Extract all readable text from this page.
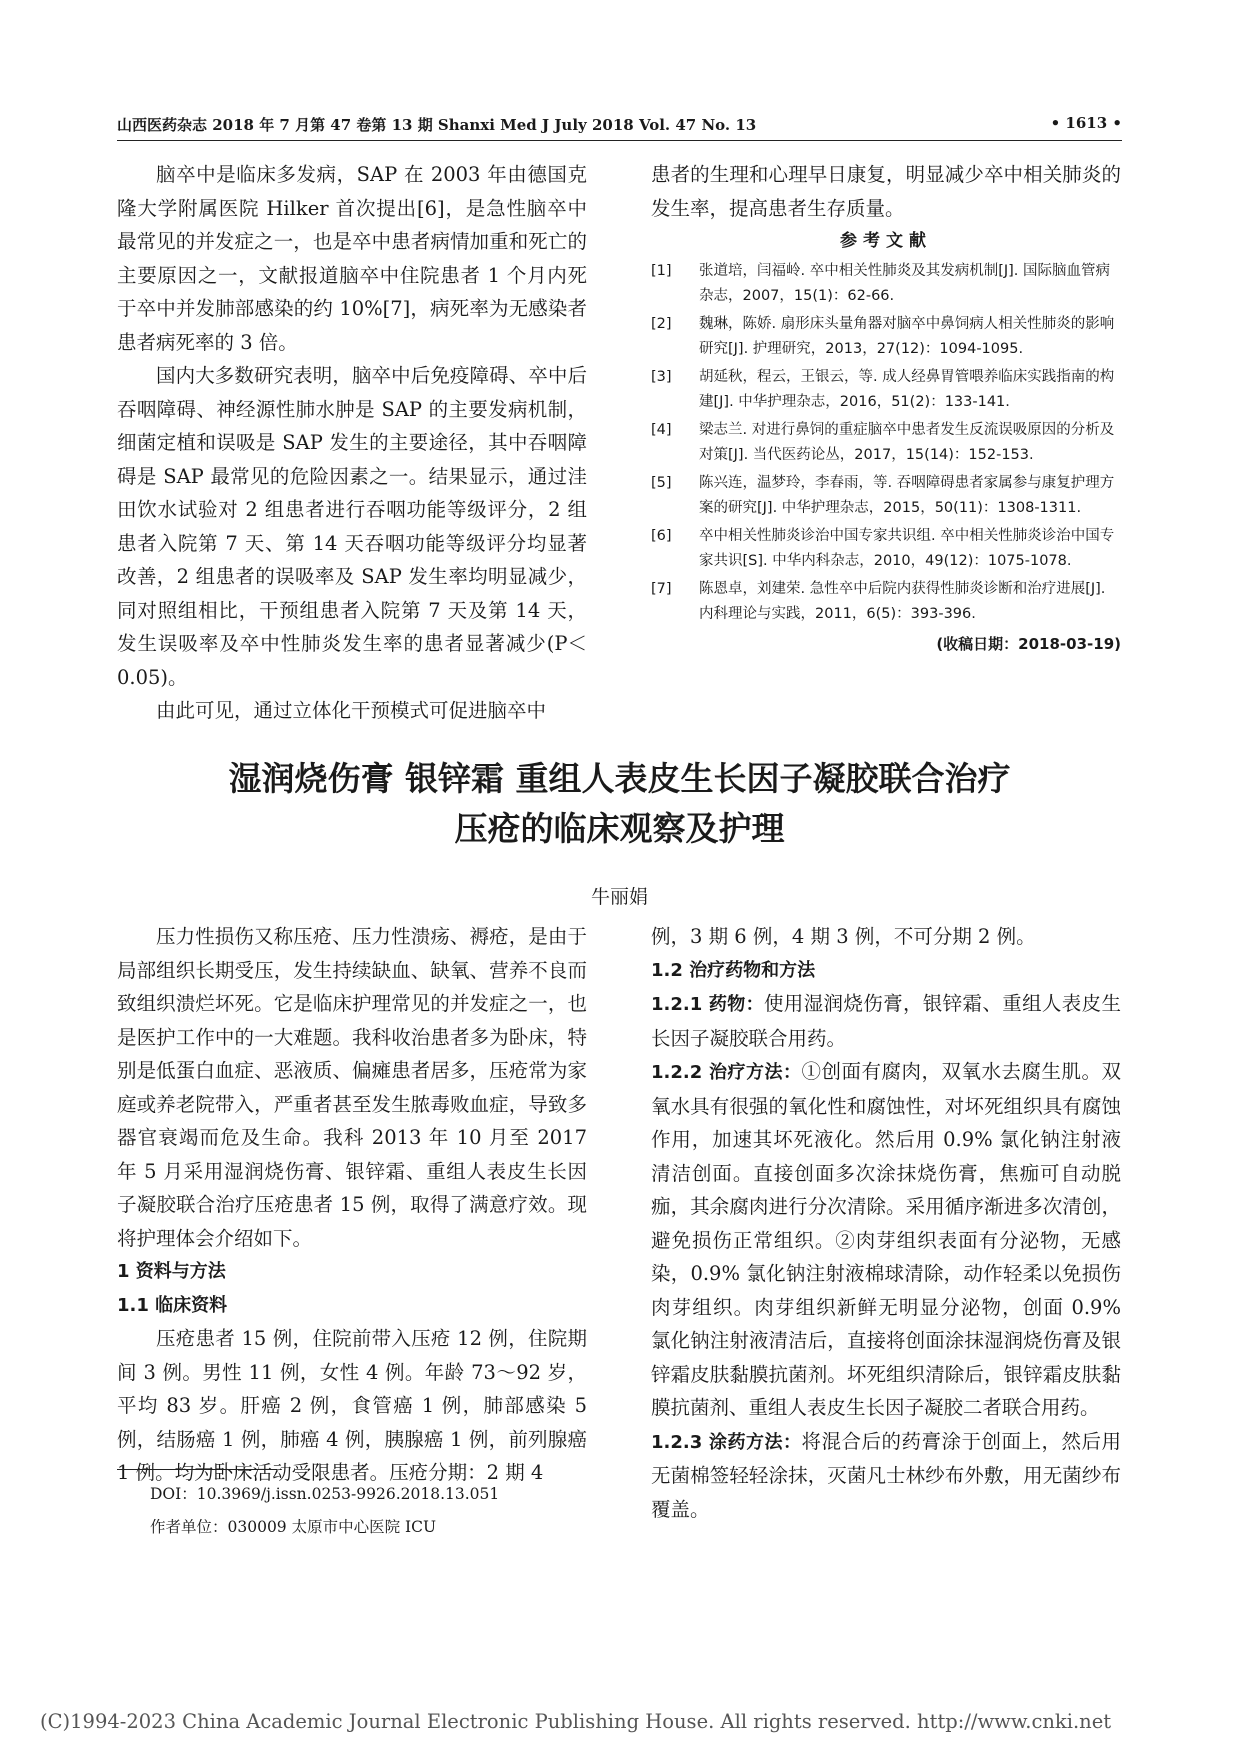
山西医药杂志 2018 年 7 月第 47 卷第 13 期 Shanxi Med J July 2018 Vol. 47 No. 13	• 1613 •

脑卒中是临床多发病，SAP 在 2003 年由德国克隆大学附属医院 Hilker 首次提出[6]，是急性脑卒中最常见的并发症之一，也是卒中患者病情加重和死亡的主要原因之一，文献报道脑卒中住院患者 1 个月内死于卒中并发肺部感染的约 10%[7]，病死率为无感染者患者病死率的 3 倍。

国内大多数研究表明，脑卒中后免疫障碍、卒中后吞咽障碍、神经源性肺水肿是 SAP 的主要发病机制，细菌定植和误吸是 SAP 发生的主要途径，其中吞咽障碍是 SAP 最常见的危险因素之一。结果显示，通过洼田饮水试验对 2 组患者进行吞咽功能等级评分，2 组患者入院第 7 天、第 14 天吞咽功能等级评分均显著改善，2 组患者的误吸率及 SAP 发生率均明显减少，同对照组相比，干预组患者入院第 7 天及第 14 天，发生误吸率及卒中性肺炎发生率的患者显著减少(P＜0.05)。

由此可见，通过立体化干预模式可促进脑卒中

患者的生理和心理早日康复，明显减少卒中相关肺炎的发生率，提高患者生存质量。

参考文献
[1] 张道培，闫福岭. 卒中相关性肺炎及其发病机制[J]. 国际脑血管病杂志，2007，15(1)：62-66.
[2] 魏琳，陈娇. 扇形床头量角器对脑卒中鼻饲病人相关性肺炎的影响研究[J]. 护理研究，2013，27(12)：1094-1095.
[3] 胡延秋，程云，王银云，等. 成人经鼻胃管喂养临床实践指南的构建[J]. 中华护理杂志，2016，51(2)：133-141.
[4] 梁志兰. 对进行鼻饲的重症脑卒中患者发生反流误吸原因的分析及对策[J]. 当代医药论丛，2017，15(14)：152-153.
[5] 陈兴连，温梦玲，李春雨，等. 吞咽障碍患者家属参与康复护理方案的研究[J]. 中华护理杂志，2015，50(11)：1308-1311.
[6] 卒中相关性肺炎诊治中国专家共识组. 卒中相关性肺炎诊治中国专家共识[S]. 中华内科杂志，2010，49(12)：1075-1078.
[7] 陈恩卓，刘建荣. 急性卒中后院内获得性肺炎诊断和治疗进展[J]. 内科理论与实践，2011，6(5)：393-396.
(收稿日期：2018-03-19)
湿润烧伤膏 银锌霜 重组人表皮生长因子凝胶联合治疗
压疮的临床观察及护理
牛丽娟

压力性损伤又称压疮、压力性溃疡、褥疮，是由于局部组织长期受压，发生持续缺血、缺氧、营养不良而致组织溃烂坏死。它是临床护理常见的并发症之一，也是医护工作中的一大难题。我科收治患者多为卧床，特别是低蛋白血症、恶液质、偏瘫患者居多，压疮常为家庭或养老院带入，严重者甚至发生脓毒败血症，导致多器官衰竭而危及生命。我科 2013 年 10 月至 2017 年 5 月采用湿润烧伤膏、银锌霜、重组人表皮生长因子凝胶联合治疗压疮患者 15 例，取得了满意疗效。现将护理体会介绍如下。

1 资料与方法

1.1 临床资料

压疮患者 15 例，住院前带入压疮 12 例，住院期间 3 例。男性 11 例，女性 4 例。年龄 73～92 岁，平均 83 岁。肝癌 2 例，食管癌 1 例，肺部感染 5 例，结肠癌 1 例，肺癌 4 例，胰腺癌 1 例，前列腺癌 1 例。均为卧床活动受限患者。压疮分期：2 期 4

例，3 期 6 例，4 期 3 例，不可分期 2 例。

1.2 治疗药物和方法

1.2.1 药物：使用湿润烧伤膏，银锌霜、重组人表皮生长因子凝胶联合用药。

1.2.2 治疗方法：①创面有腐肉，双氧水去腐生肌。双氧水具有很强的氧化性和腐蚀性，对坏死组织具有腐蚀作用，加速其坏死液化。然后用 0.9% 氯化钠注射液清洁创面。直接创面多次涂抹烧伤膏，焦痂可自动脱痂，其余腐肉进行分次清除。采用循序渐进多次清创，避免损伤正常组织。②肉芽组织表面有分泌物，无感染，0.9% 氯化钠注射液棉球清除，动作轻柔以免损伤肉芽组织。肉芽组织新鲜无明显分泌物，创面 0.9% 氯化钠注射液清洁后，直接将创面涂抹湿润烧伤膏及银锌霜皮肤黏膜抗菌剂。坏死组织清除后，银锌霜皮肤黏膜抗菌剂、重组人表皮生长因子凝胶二者联合用药。

1.2.3 涂药方法：将混合后的药膏涂于创面上，然后用无菌棉签轻轻涂抹，灭菌凡士林纱布外敷，用无菌纱布覆盖。

DOI：10.3969/j.issn.0253-9926.2018.13.051
作者单位：030009 太原市中心医院 ICU
(C)1994-2023 China Academic Journal Electronic Publishing House. All rights reserved. http://www.cnki.net
